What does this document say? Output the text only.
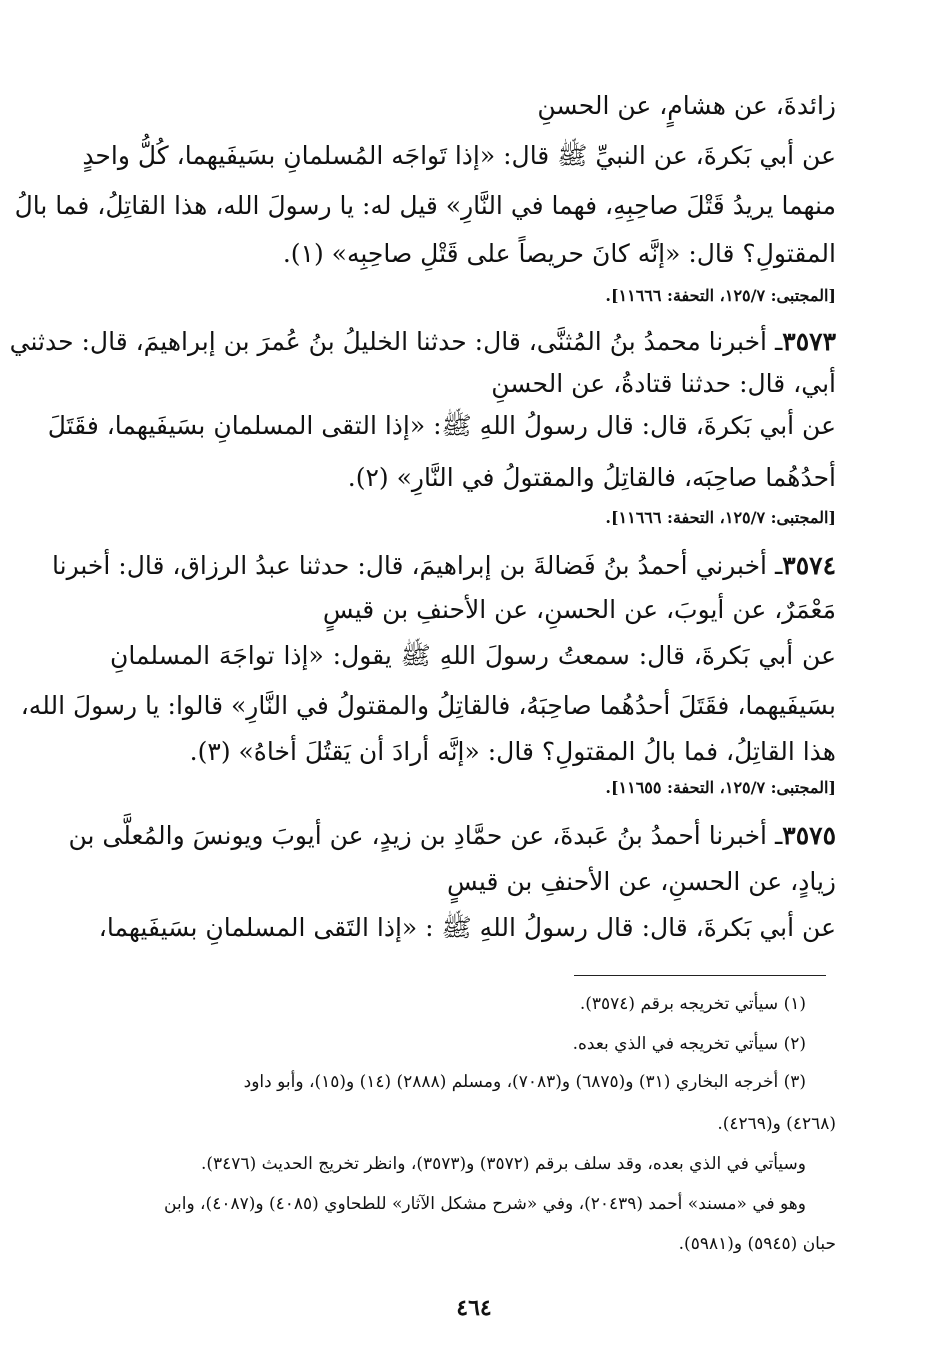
زائدةَ، عن هشامٍ، عن الحسنِ
عن أبي بَكرةَ، عن النبيِّ ﷺ قال: «إذا تَواجَه المُسلمانِ بسَيفَيهما، كُلُّ واحدٍ
منهما يريدُ قَتْلَ صاحِبِهِ، فهما في النَّارِ» قيل له: يا رسولَ الله، هذا القاتِلُ، فما بالُ
المقتولِ؟ قال: «إنَّه كانَ حريصاً على قَتْلِ صاحِبِه» (١).
[المجتبى: ١٢٥/٧، التحفة: ١١٦٦٦].
٣٥٧٣ـ أخبرنا محمدُ بنُ المُثنَّى، قال: حدثنا الخليلُ بنُ عُمرَ بن إبراهيمَ، قال: حدثني
أبي، قال: حدثنا قتادةُ، عن الحسنِ
عن أبي بَكرةَ، قال: قال رسولُ اللهِ ﷺ: «إذا التقى المسلمانِ بسَيفَيهما، فقَتَلَ
أحدُهُما صاحِبَه، فالقاتِلُ والمقتولُ في النَّارِ» (٢).
[المجتبى: ١٢٥/٧، التحفة: ١١٦٦٦].
٣٥٧٤ـ أخبرني أحمدُ بنُ فَضالةَ بن إبراهيمَ، قال: حدثنا عبدُ الرزاق، قال: أخبرنا
مَعْمَرٌ، عن أيوبَ، عن الحسنِ، عن الأحنفِ بن قيسٍ
عن أبي بَكرةَ، قال: سمعتُ رسولَ اللهِ ﷺ يقول: «إذا تواجَهَ المسلمانِ
بسَيفَيهما، فقَتَلَ أحدُهُما صاحِبَهُ، فالقاتِلُ والمقتولُ في النَّارِ» قالوا: يا رسولَ الله،
هذا القاتِلُ، فما بالُ المقتولِ؟ قال: «إنَّه أرادَ أن يَقتُلَ أخاهُ» (٣).
[المجتبى: ١٢٥/٧، التحفة: ١١٦٥٥].
٣٥٧٥ـ أخبرنا أحمدُ بنُ عَبدةَ، عن حمَّادِ بن زيدٍ، عن أيوبَ ويونسَ والمُعلَّى بن
زيادٍ، عن الحسنِ، عن الأحنفِ بن قيسٍ
عن أبي بَكرةَ، قال: قال رسولُ اللهِ ﷺ : «إذا التَقى المسلمانِ بسَيفَيهما،
(١) سيأتي تخريجه برقم (٣٥٧٤).
(٢) سيأتي تخريجه في الذي بعده.
(٣) أخرجه البخاري (٣١) و(٦٨٧٥) و(٧٠٨٣)، ومسلم (٢٨٨٨) (١٤) و(١٥)، وأبو داود
(٤٢٦٨) و(٤٢٦٩).
وسيأتي في الذي بعده، وقد سلف برقم (٣٥٧٢) و(٣٥٧٣)، وانظر تخريج الحديث (٣٤٧٦).
وهو في «مسند» أحمد (٢٠٤٣٩)، وفي «شرح مشكل الآثار» للطحاوي (٤٠٨٥) و(٤٠٨٧)، وابن
حبان (٥٩٤٥) و(٥٩٨١).
٤٦٤
